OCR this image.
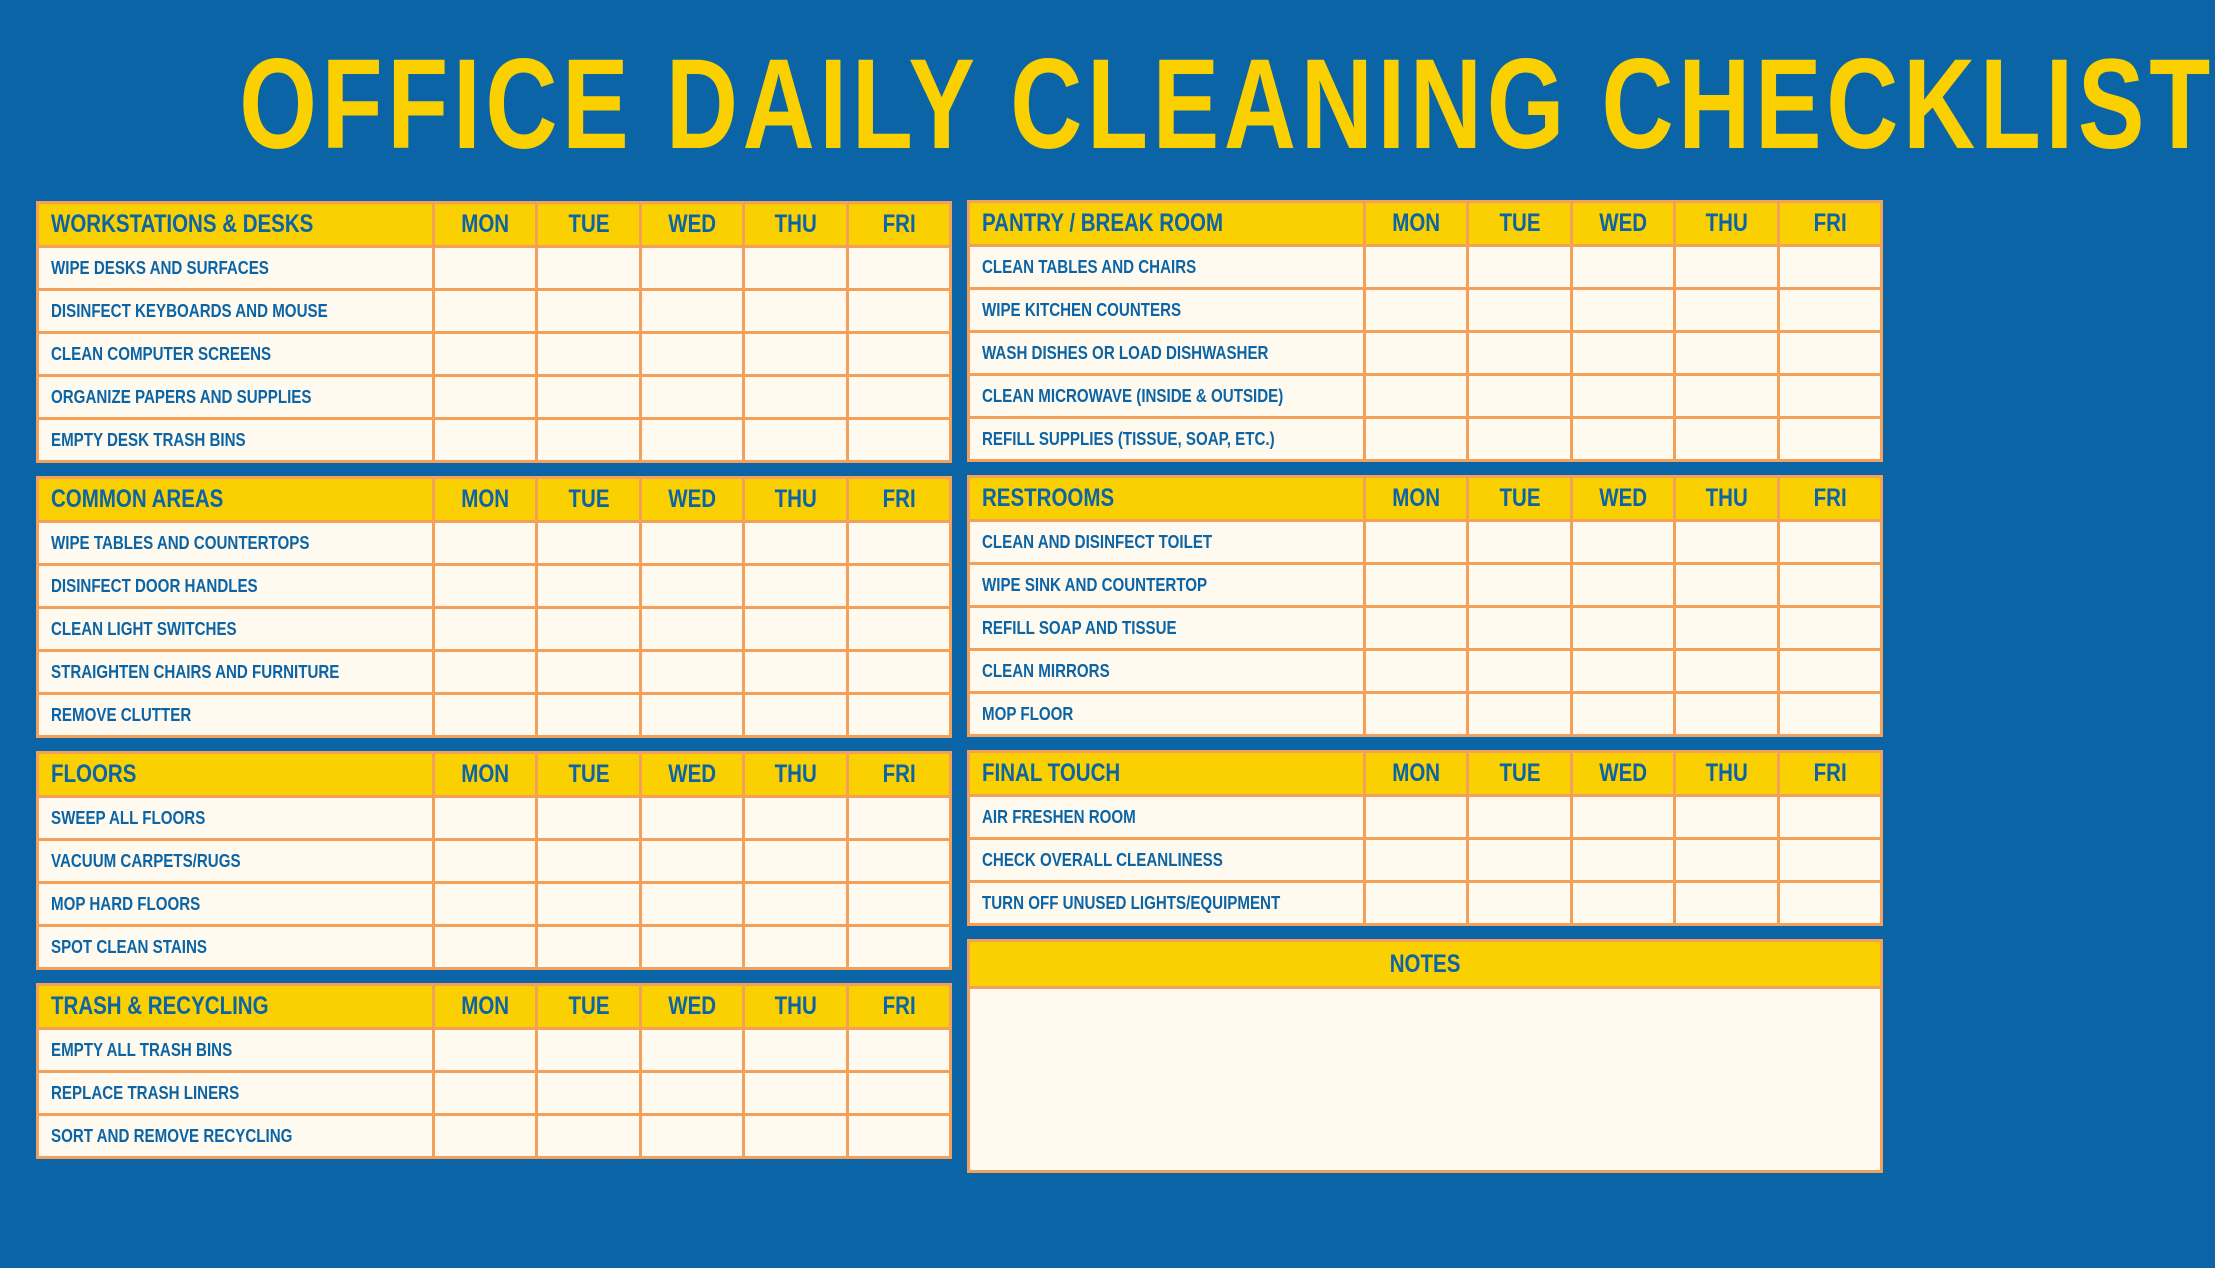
OFFICE DAILY CLEANING CHECKLIST
WORKSTATIONS & DESKS	MON	TUE	WED	THU	FRI
WIPE DESKS AND SURFACES					
DISINFECT KEYBOARDS AND MOUSE					
CLEAN COMPUTER SCREENS					
ORGANIZE PAPERS AND SUPPLIES					
EMPTY DESK TRASH BINS					
COMMON AREAS	MON	TUE	WED	THU	FRI
WIPE TABLES AND COUNTERTOPS					
DISINFECT DOOR HANDLES					
CLEAN LIGHT SWITCHES					
STRAIGHTEN CHAIRS AND FURNITURE					
REMOVE CLUTTER					
FLOORS	MON	TUE	WED	THU	FRI
SWEEP ALL FLOORS					
VACUUM CARPETS/RUGS					
MOP HARD FLOORS					
SPOT CLEAN STAINS					
TRASH & RECYCLING	MON	TUE	WED	THU	FRI
EMPTY ALL TRASH BINS					
REPLACE TRASH LINERS					
SORT AND REMOVE RECYCLING					
PANTRY / BREAK ROOM	MON	TUE	WED	THU	FRI
CLEAN TABLES AND CHAIRS					
WIPE KITCHEN COUNTERS					
WASH DISHES OR LOAD DISHWASHER					
CLEAN MICROWAVE (INSIDE & OUTSIDE)					
REFILL SUPPLIES (TISSUE, SOAP, ETC.)					
RESTROOMS	MON	TUE	WED	THU	FRI
CLEAN AND DISINFECT TOILET					
WIPE SINK AND COUNTERTOP					
REFILL SOAP AND TISSUE					
CLEAN MIRRORS					
MOP FLOOR					
FINAL TOUCH	MON	TUE	WED	THU	FRI
AIR FRESHEN ROOM					
CHECK OVERALL CLEANLINESS					
TURN OFF UNUSED LIGHTS/EQUIPMENT					
NOTES
